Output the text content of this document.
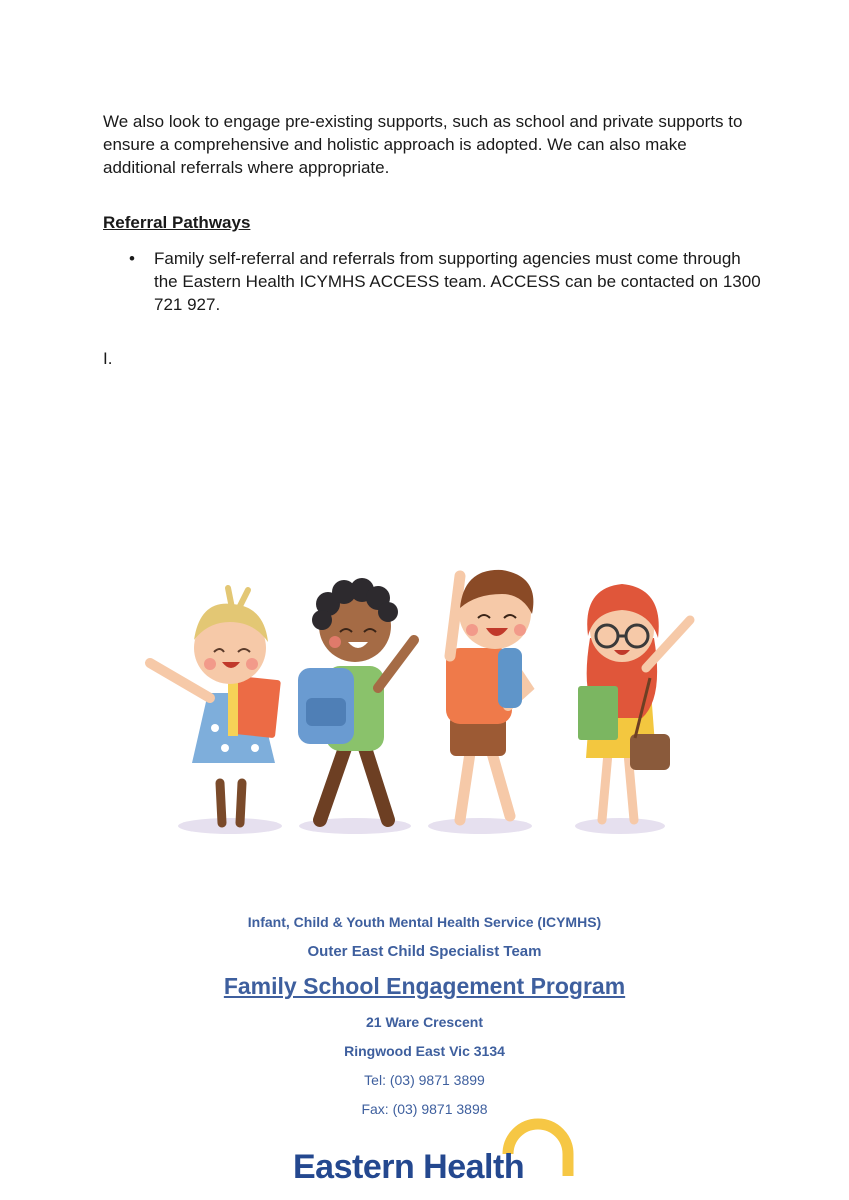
We also look to engage pre-existing supports, such as school and private supports to ensure a comprehensive and holistic approach is adopted. We can also make additional referrals where appropriate.

Referral Pathways

• Family self-referral and referrals from supporting agencies must come through the Eastern Health ICYMHS ACCESS team. ACCESS can be contacted on 1300 721 927.

I.

Infant, Child & Youth Mental Health Service (ICYMHS)

Outer East Child Specialist Team

Family School Engagement Program

21 Ware Crescent

Ringwood East Vic 3134

Tel: (03) 9871 3899

Fax: (03) 9871 3898

Eastern Health
